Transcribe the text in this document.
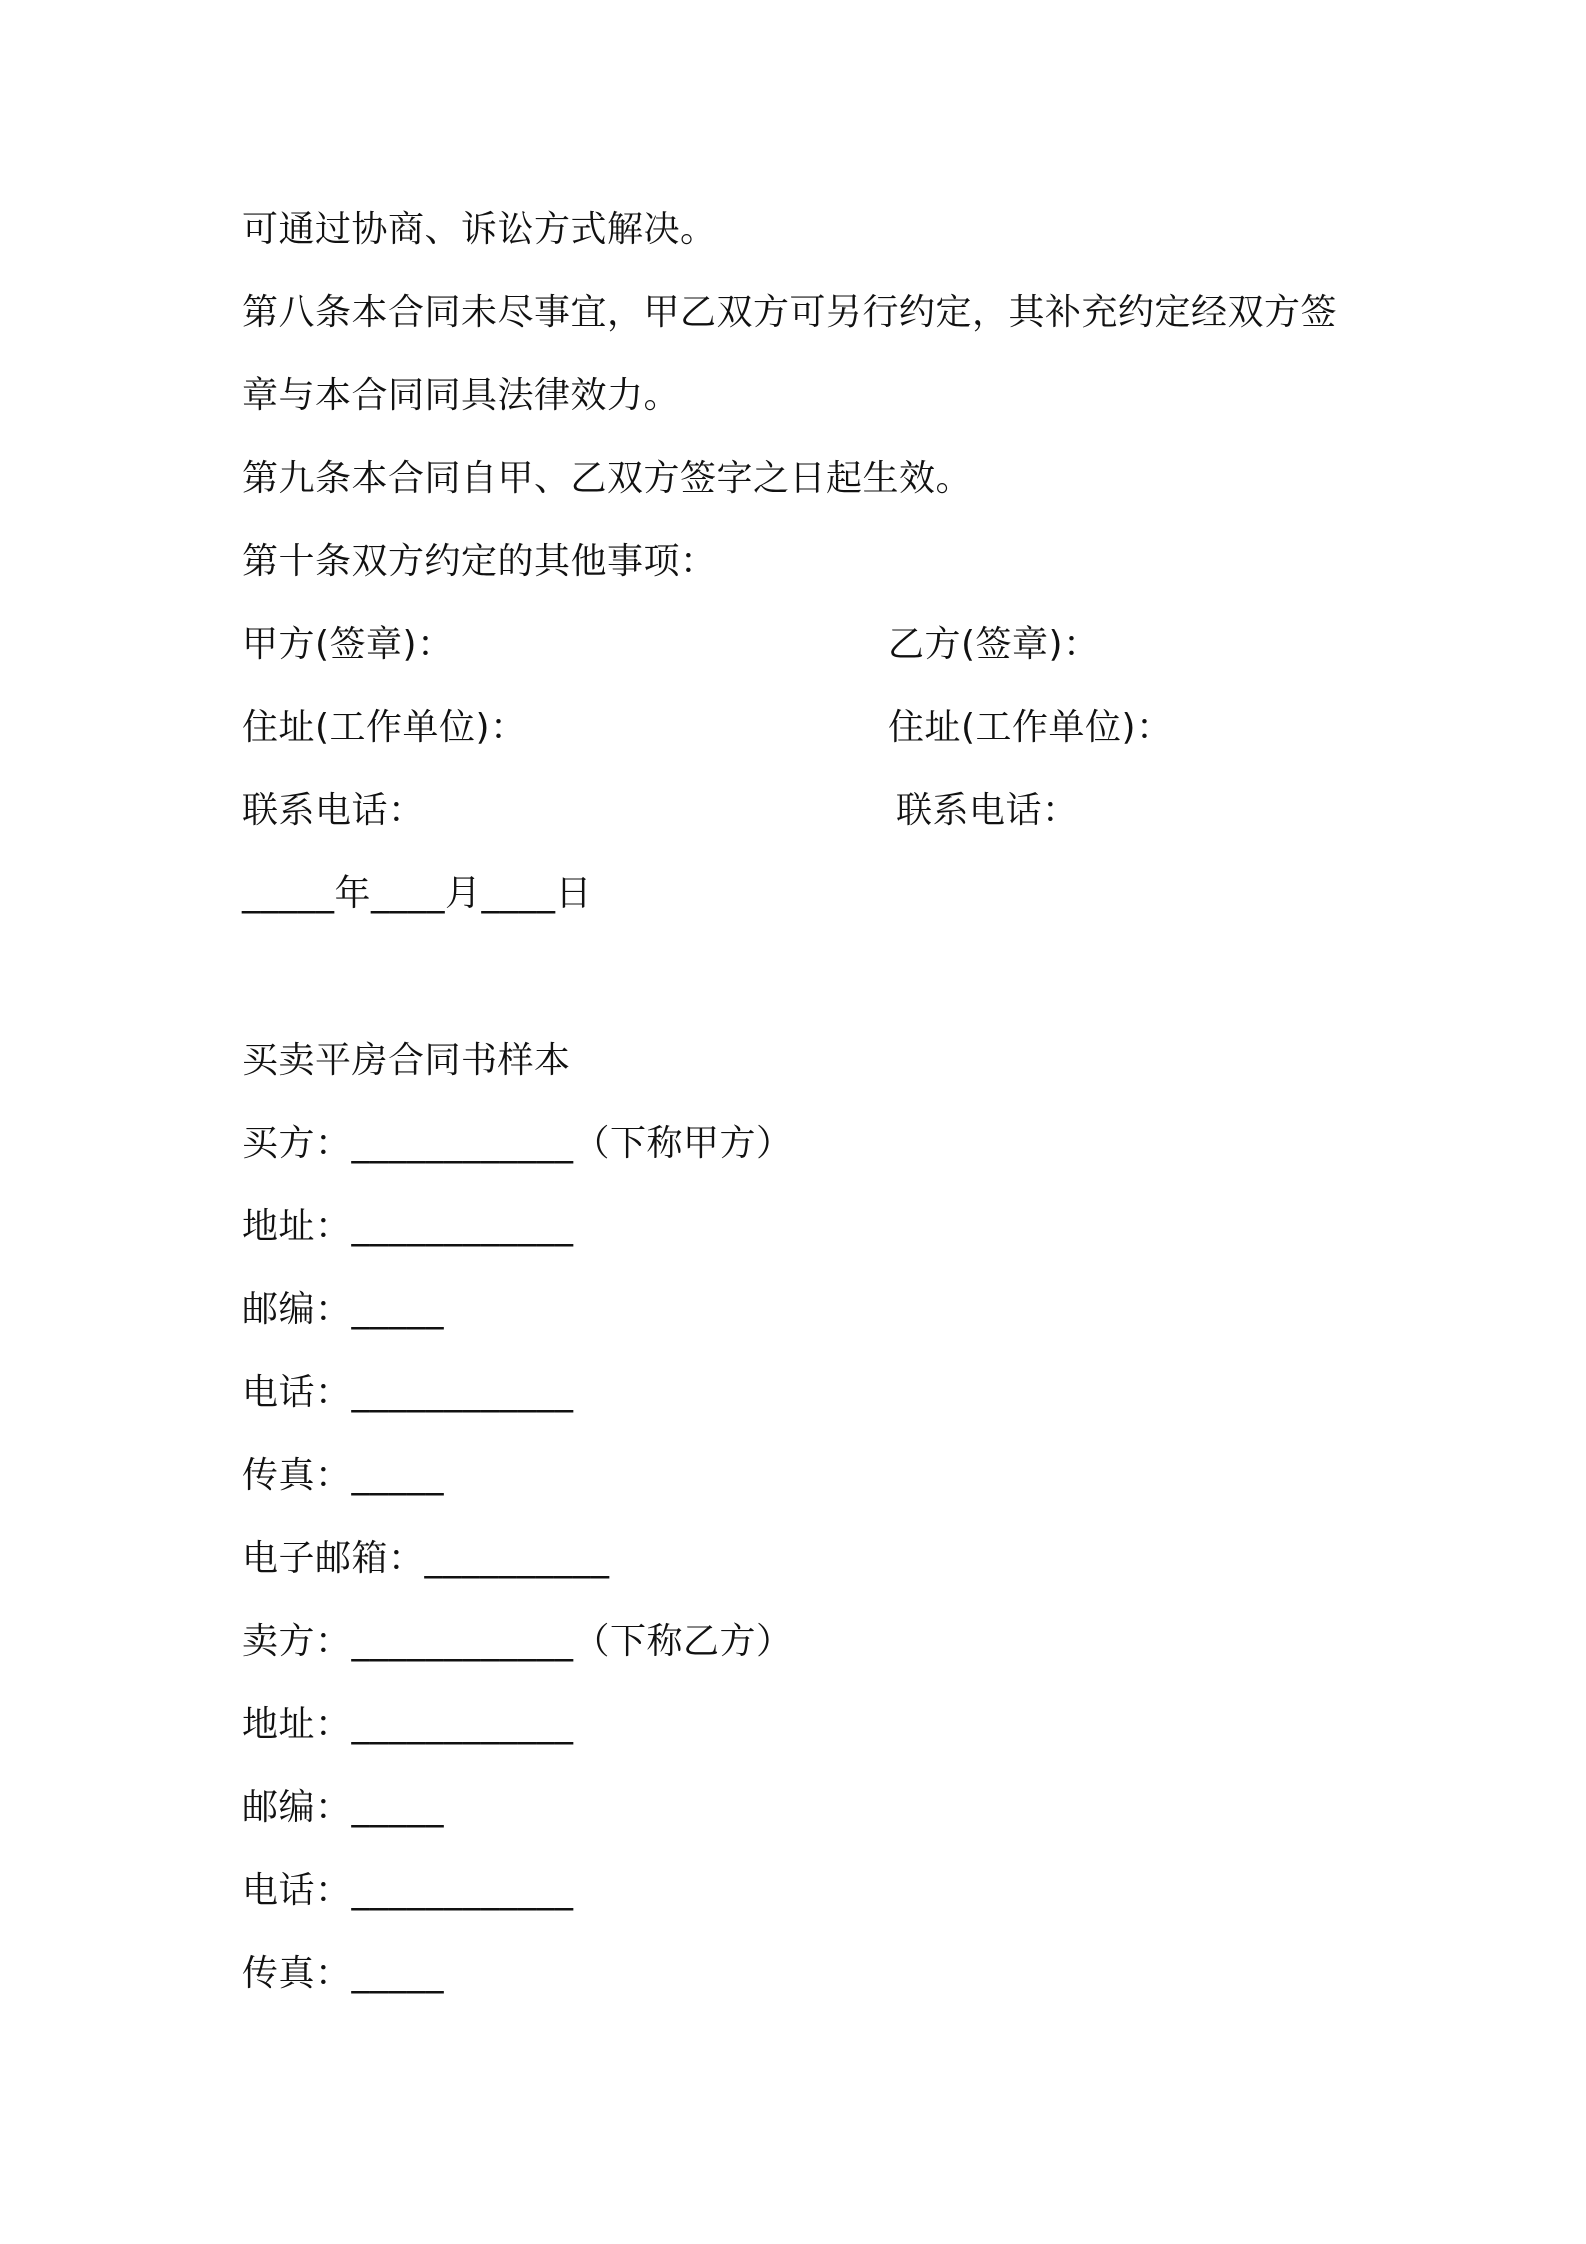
可通过协商、诉讼方式解决。
第八条本合同未尽事宜，甲乙双方可另行约定，其补充约定经双方签
章与本合同同具法律效力。
第九条本合同自甲、乙双方签字之日起生效。
第十条双方约定的其他事项：
甲方(签章)：	乙方(签章)：
住址(工作单位)：	住址(工作单位)：
联系电话：	联系电话：
_____年____月____日
买卖平房合同书样本
买方：____________（下称甲方）
地址：____________
邮编：_____
电话：____________
传真：_____
电子邮箱：__________
卖方：____________（下称乙方）
地址：____________
邮编：_____
电话：____________
传真：_____
